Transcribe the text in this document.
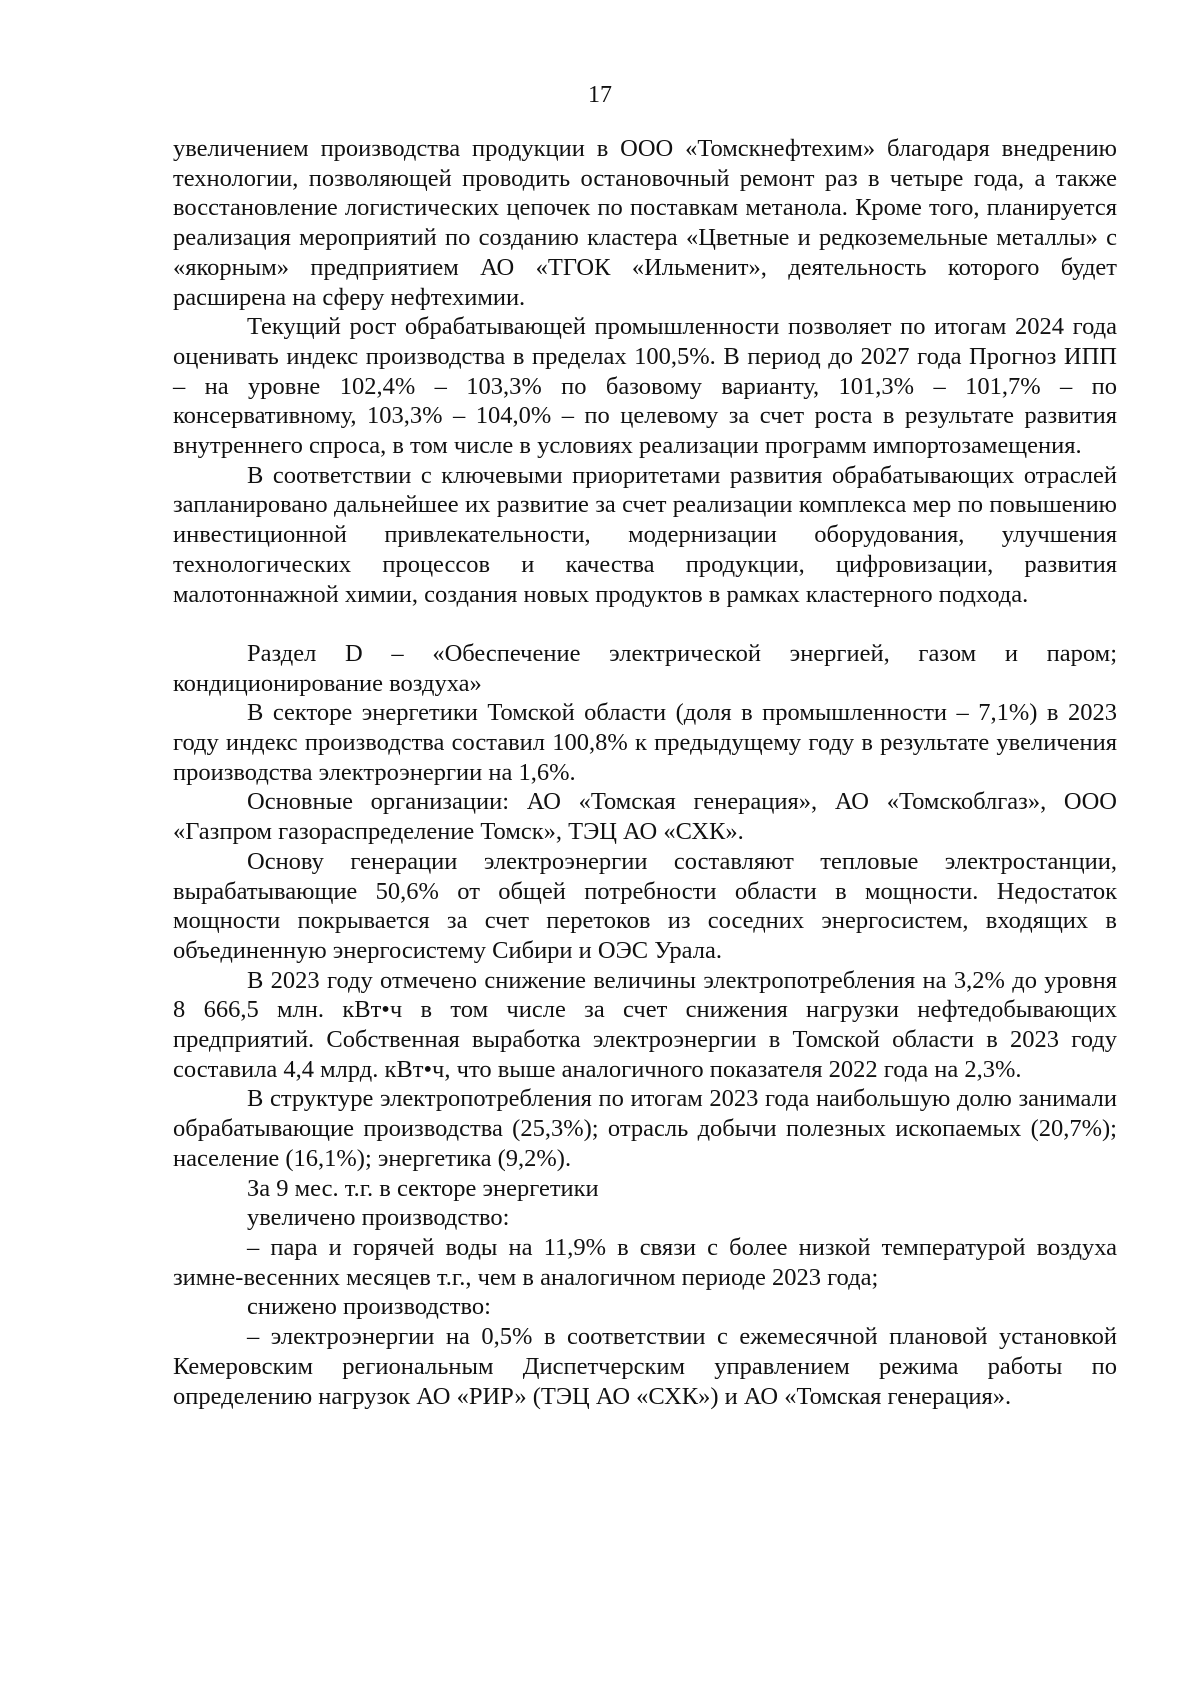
17

увеличением производства продукции в ООО «Томскнефтехим» благодаря внедрению технологии, позволяющей проводить остановочный ремонт раз в четыре года, а также восстановление логистических цепочек по поставкам метанола. Кроме того, планируется реализация мероприятий по созданию кластера «Цветные и редкоземельные металлы» с «якорным» предприятием АО «ТГОК «Ильменит», деятельность которого будет расширена на сферу нефтехимии.

Текущий рост обрабатывающей промышленности позволяет по итогам 2024 года оценивать индекс производства в пределах 100,5%. В период до 2027 года Прогноз ИПП – на уровне 102,4% – 103,3% по базовому варианту, 101,3% – 101,7% – по консервативному, 103,3% – 104,0% – по целевому за счет роста в результате развития внутреннего спроса, в том числе в условиях реализации программ импортозамещения.

В соответствии с ключевыми приоритетами развития обрабатывающих отраслей запланировано дальнейшее их развитие за счет реализации комплекса мер по повышению инвестиционной привлекательности, модернизации оборудования, улучшения технологических процессов и качества продукции, цифровизации, развития малотоннажной химии, создания новых продуктов в рамках кластерного подхода.

Раздел D – «Обеспечение электрической энергией, газом и паром; кондиционирование воздуха»

В секторе энергетики Томской области (доля в промышленности – 7,1%) в 2023 году индекс производства составил 100,8% к предыдущему году в результате увеличения производства электроэнергии на 1,6%.

Основные организации: АО «Томская генерация», АО «Томскоблгаз», ООО «Газпром газораспределение Томск», ТЭЦ АО «СХК».

Основу генерации электроэнергии составляют тепловые электростанции, вырабатывающие 50,6% от общей потребности области в мощности. Недостаток мощности покрывается за счет перетоков из соседних энергосистем, входящих в объединенную энергосистему Сибири и ОЭС Урала.

В 2023 году отмечено снижение величины электропотребления на 3,2% до уровня 8 666,5 млн. кВт•ч в том числе за счет снижения нагрузки нефтедобывающих предприятий. Собственная выработка электроэнергии в Томской области в 2023 году составила 4,4 млрд. кВт•ч, что выше аналогичного показателя 2022 года на 2,3%.

В структуре электропотребления по итогам 2023 года наибольшую долю занимали обрабатывающие производства (25,3%); отрасль добычи полезных ископаемых (20,7%); население (16,1%); энергетика (9,2%).

За 9 мес. т.г. в секторе энергетики

увеличено производство:

– пара и горячей воды на 11,9% в связи с более низкой температурой воздуха зимне-весенних месяцев т.г., чем в аналогичном периоде 2023 года;

снижено производство:

– электроэнергии на 0,5% в соответствии с ежемесячной плановой установкой Кемеровским региональным Диспетчерским управлением режима работы по определению нагрузок АО «РИР» (ТЭЦ АО «СХК») и АО «Томская генерация».
